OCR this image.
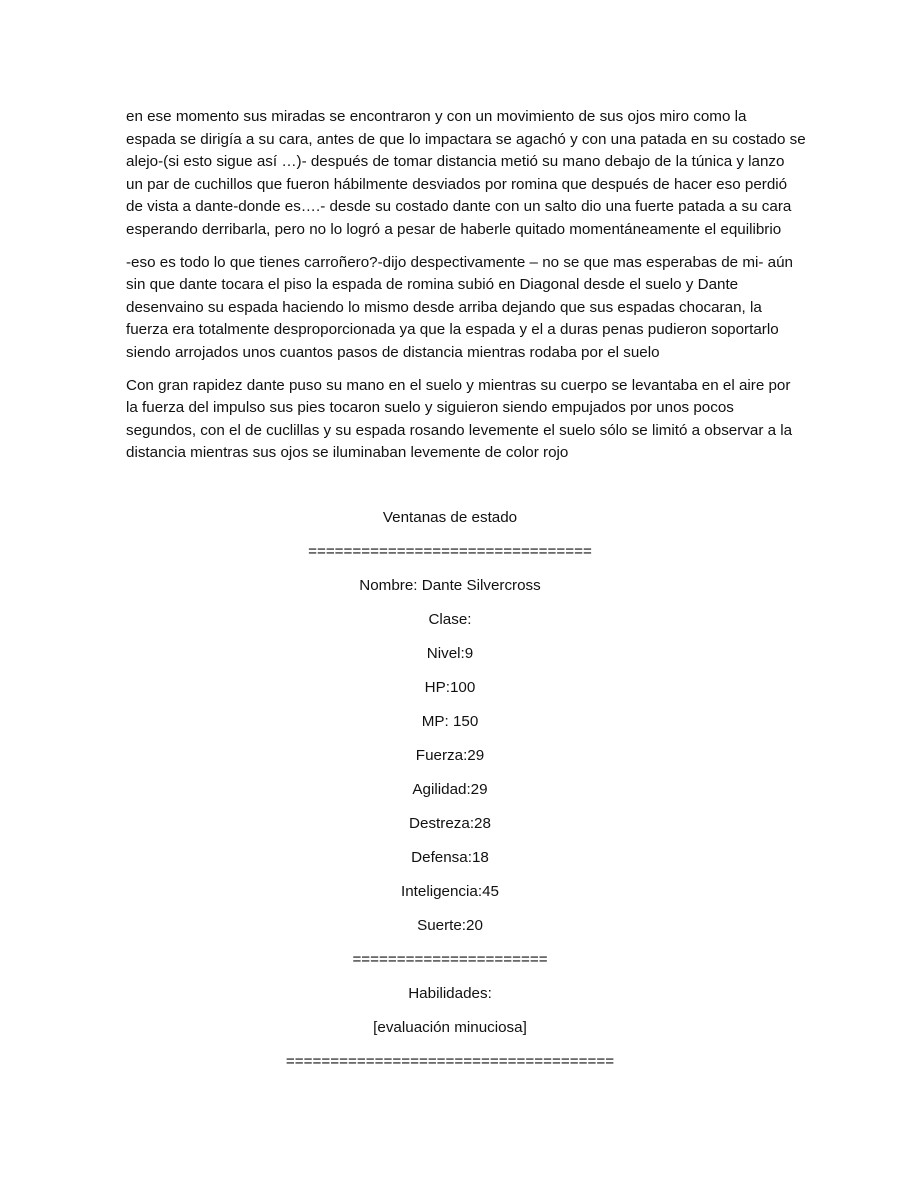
en ese momento sus miradas se encontraron y con un movimiento de sus ojos miro como la
espada se dirigía a su cara, antes de que lo impactara se agachó y con una patada en su costado se
alejo-(si esto sigue así …)- después de tomar distancia metió su mano debajo de la túnica y lanzo
un par de cuchillos que fueron hábilmente desviados por romina que después de hacer eso perdió
de vista a dante-donde es….- desde su costado dante con un salto dio una fuerte patada a su cara
esperando derribarla, pero no lo logró a pesar de haberle quitado momentáneamente el equilibrio

-eso es todo lo que tienes carroñero?-dijo despectivamente – no se que mas esperabas de mi- aún
sin que dante tocara el piso la espada de romina subió en Diagonal desde el suelo y Dante
desenvaino su espada haciendo lo mismo desde arriba dejando que sus espadas chocaran, la
fuerza era totalmente desproporcionada ya que la espada y el a duras penas pudieron soportarlo
siendo arrojados unos cuantos pasos de distancia mientras rodaba por el suelo

Con gran rapidez dante puso su mano en el suelo y mientras su cuerpo se levantaba en el aire por
la fuerza del impulso sus pies tocaron suelo y siguieron siendo empujados por unos pocos
segundos, con el de cuclillas y su espada rosando levemente el suelo sólo se limitó a observar a la
distancia mientras sus ojos se iluminaban levemente de color rojo

Ventanas de estado
================================
Nombre: Dante Silvercross
Clase:
Nivel:9
HP:100
MP: 150
Fuerza:29
Agilidad:29
Destreza:28
Defensa:18
Inteligencia:45
Suerte:20
======================
Habilidades:
[evaluación minuciosa]
=====================================
